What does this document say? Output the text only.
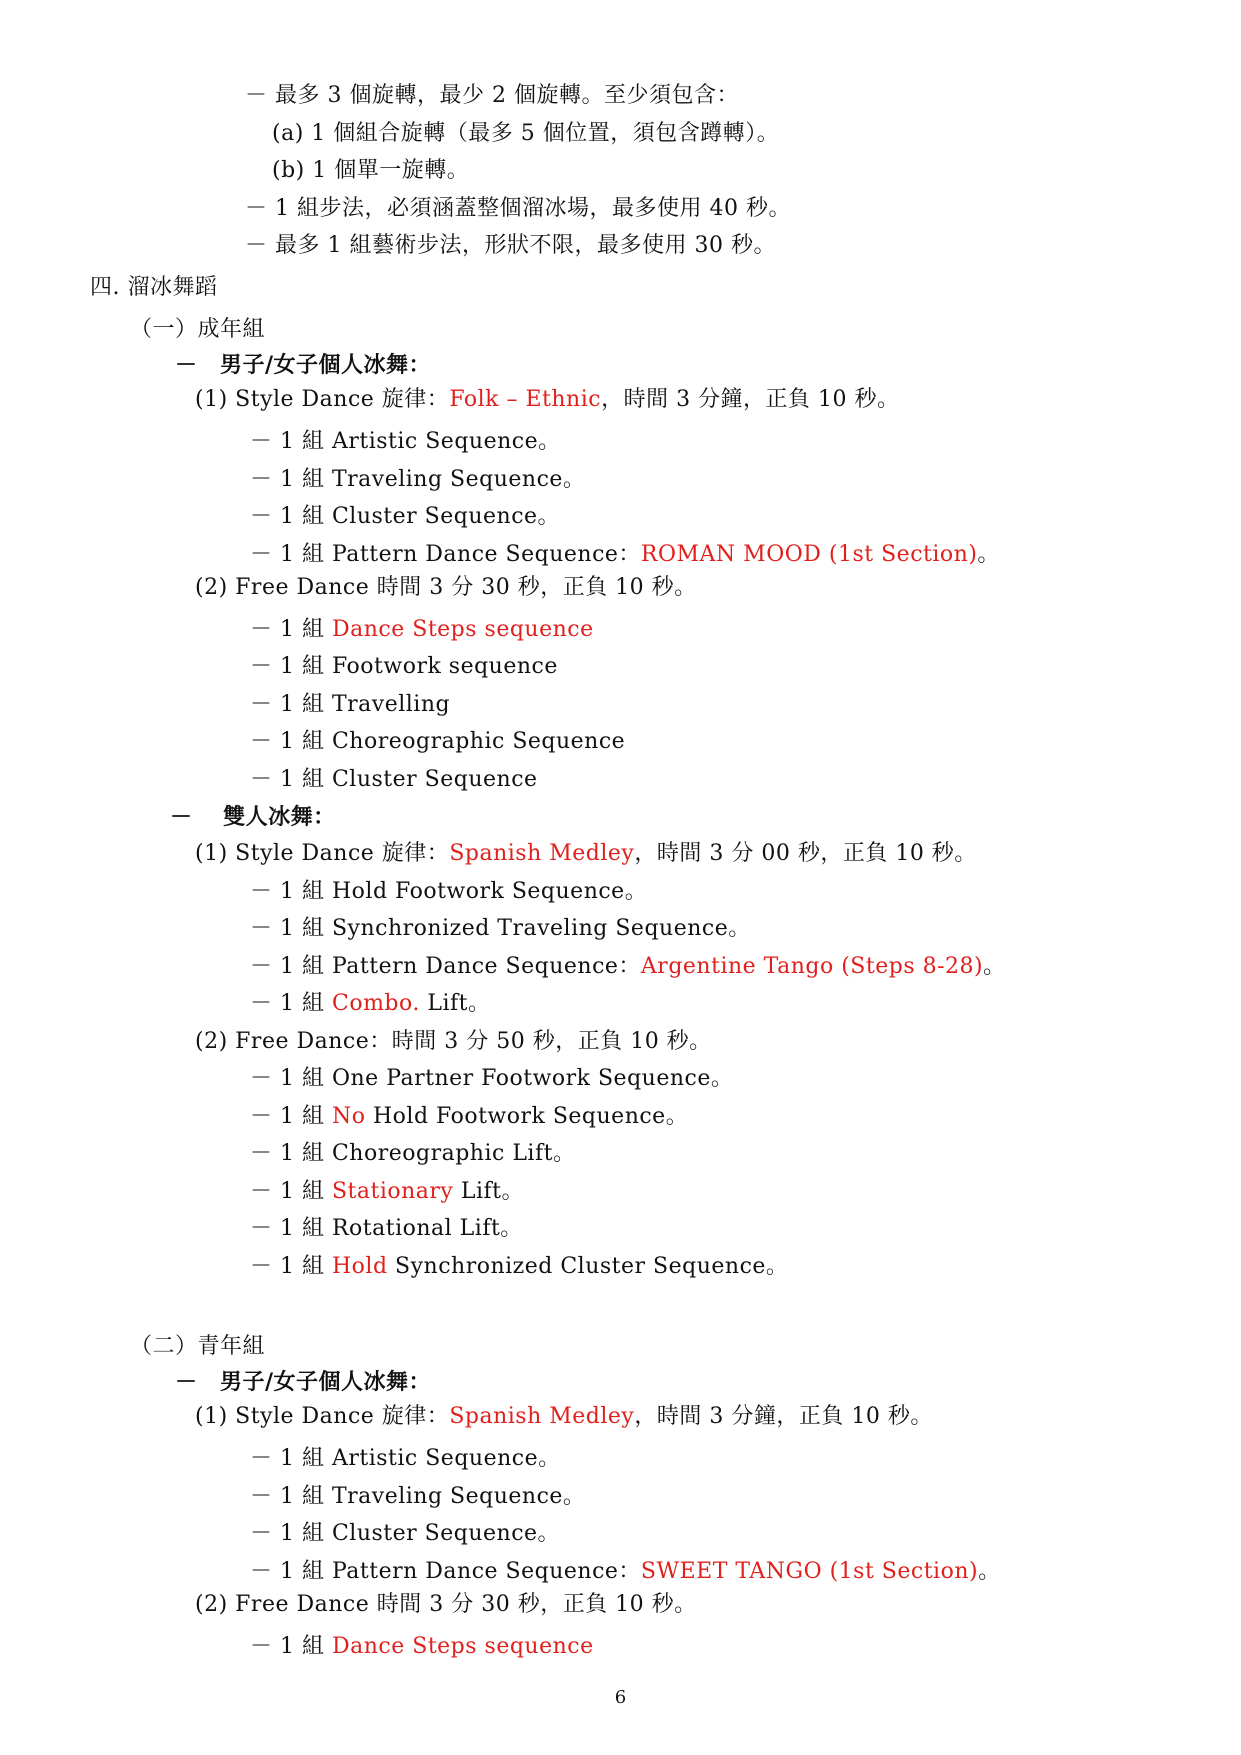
－ 最多 3 個旋轉，最少 2 個旋轉。至少須包含：
(a) 1 個組合旋轉（最多 5 個位置，須包含蹲轉）。
(b) 1 個單一旋轉。
－ 1 組步法，必須涵蓋整個溜冰場，最多使用 40 秒。
－ 最多 1 組藝術步法，形狀不限，最多使用 30 秒。
四. 溜冰舞蹈
（一）成年組
－　男子/女子個人冰舞：
(1) Style Dance 旋律：Folk – Ethnic，時間 3 分鐘，正負 10 秒。
－ 1 組 Artistic Sequence。
－ 1 組 Traveling Sequence。
－ 1 組 Cluster Sequence。
－ 1 組 Pattern Dance Sequence：ROMAN MOOD (1st Section)。
(2) Free Dance 時間 3 分 30 秒，正負 10 秒。
－ 1 組 Dance Steps sequence
－ 1 組 Footwork sequence
－ 1 組 Travelling
－ 1 組 Choreographic Sequence
－ 1 組 Cluster Sequence
－　 雙人冰舞：
(1) Style Dance 旋律：Spanish Medley，時間 3 分 00 秒，正負 10 秒。
－ 1 組 Hold Footwork Sequence。
－ 1 組 Synchronized Traveling Sequence。
－ 1 組 Pattern Dance Sequence：Argentine Tango (Steps 8-28)。
－ 1 組 Combo. Lift。
(2) Free Dance：時間 3 分 50 秒，正負 10 秒。
－ 1 組 One Partner Footwork Sequence。
－ 1 組 No Hold Footwork Sequence。
－ 1 組 Choreographic Lift。
－ 1 組 Stationary Lift。
－ 1 組 Rotational Lift。
－ 1 組 Hold Synchronized Cluster Sequence。
（二）青年組
－　男子/女子個人冰舞：
(1) Style Dance 旋律：Spanish Medley，時間 3 分鐘，正負 10 秒。
－ 1 組 Artistic Sequence。
－ 1 組 Traveling Sequence。
－ 1 組 Cluster Sequence。
－ 1 組 Pattern Dance Sequence：SWEET TANGO (1st Section)。
(2) Free Dance 時間 3 分 30 秒，正負 10 秒。
－ 1 組 Dance Steps sequence
6
